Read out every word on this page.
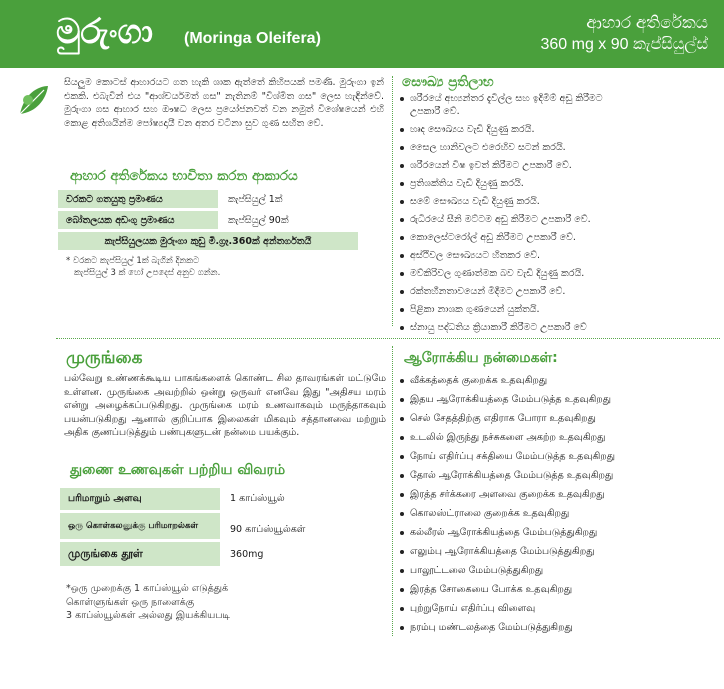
මුරුංගා (Moringa Oleifera)
ආහාර අතිරේකය
360 mg x 90 කැප්සියුල්ස්
සියලුම කොටස් ආහාරයට ගත හැකි ශාක ඇත්තේ කිහිපයක් පමණි. මුරුංගා ඉන් එකකි. එබැවින් එය "ආශ්චර්යමත් ගස" නැතිනම් "විශ්මිත ගස" ලෙස හැඳින්වේ. මුරුංගා ගස ආහාර සහ ඖෂධ ලෙස ප්‍රයෝජනවත් වන නමුත් විශේෂයෙන් එහි කොළ අතිශයින්ම පෝෂ්‍යදායී වන අතර වටිනා සුව ගුණ සහිත වේ.
ආහාර අතිරේකය භාවිතා කරන ආකාරය
වරකට ගතයුතු ප්‍රමාණය	කැප්සියුල් 1ක්
බෝතලයක අඩංගු ප්‍රමාණය	කැප්සියුල් 90ක්
කැප්සියුලයක මුරුංගා කුඩු මි.ග්‍රෑ.360ක් අන්තර්ගතයි
* වරකට කැප්සියුල් 1ක් බැගින් දිනකට
කැප්සියුල් 3 ක් හෝ උපදෙස් අනුව ගන්න.
සෞඛ්‍ය ප්‍රතිලාභ
ශරීරයේ අභ්‍යන්තර දැවිල්ල සහ ඉදිමීම් අඩු කිරීමට
උපකාරී වේ.
හෘද සෞඛ්‍යය වැඩි දියුණු කරයි.
සෛල හානිවලට එරෙහිව සටන් කරයි.
ශරීරයෙන් විෂ ඉවත් කිරීමට උපකාරී වේ.
ප්‍රතිශක්තිය වැඩි දියුණු කරයි.
සමේ සෞඛ්‍යය වැඩි දියුණු කරයි.
රුධිරයේ සීනි මට්ටම අඩු කිරීමට උපකාරී වේ.
කොලෙස්ටරෝල් අඩු කිරීමට උපකාරී වේ.
අස්ථිවල සෞඛ්‍යයට හිතකර වේ.
මව්කිරිවල ගුණාත්මක බව වැඩි දියුණු කරයි.
රක්තහීනතාවයෙන් මිදීමට උපකාරී වේ.
පිළිකා නාශක ගුණයෙන් යුක්තයි.
ස්නායු පද්ධතිය ක්‍රියාකාරී කිරීමට උපකාරී වේ
முருங்கை
பல்வேறு உண்ணக்கூடிய பாகங்களைக் கொண்ட சில தாவரங்கள் மட்டுமே உள்ளன. முருங்கை அவற்றில் ஒன்று ஒருவர் எனவே இது "அதிசய மரம் என்று அழைக்கப்படுகிறது. முருங்கை மரம் உணவாகவும் மருந்தாகவும் பயன்படுகிறது ஆனால் குறிப்பாக இலைகள் மிகவும் சத்தானவை மற்றும் அதிக குணப்படுத்தும் பண்புகளுடன் நன்மை பயக்கும்.
துணை உணவுகள் பற்றிய விவரம்
பரிமாறும் அளவு	1 காப்ஸ்யூல்
ஒரு கொள்கலனுக்கு பரிமாறல்கள்	90 காப்ஸ்யூல்கள்
முருங்கை தூள்	360mg
*ஒரு முறைக்கு 1 காப்ஸ்யூல் எடுத்துக்
கொள்ளுங்கள் ஒரு நாளைக்கு
3 காப்ஸ்யூல்கள் அல்லது இயக்கியபடி
ஆரோக்கிய நன்மைகள்:
வீக்கத்தைக் குறைக்க உதவுகிறது
இதய ஆரோக்கியத்தை மேம்படுத்த உதவுகிறது
செல் சேதத்திற்கு எதிராக போரா உதவுகிறது
உடலில் இருந்து நச்சுகளை அகற்ற உதவுகிறது
நோய் எதிர்ப்பு சக்தியை மேம்படுத்த உதவுகிறது
தோல் ஆரோக்கியத்தை மேம்படுத்த உதவுகிறது
இரத்த சர்க்கரை அளவை குறைக்க உதவுகிறது
கொலஸ்ட்ராலை குறைக்க உதவுகிறது
கல்லீரல் ஆரோக்கியத்தை மேம்படுத்துகிறது
எலும்பு ஆரோக்கியத்தை மேம்படுத்துகிறது
பாலூட்டலை மேம்படுத்துகிறது
இரத்த சோகையை போக்க உதவுகிறது
புற்றுநோய் எதிர்ப்பு விளைவு
நரம்பு மண்டலத்தை மேம்படுத்துகிறது
